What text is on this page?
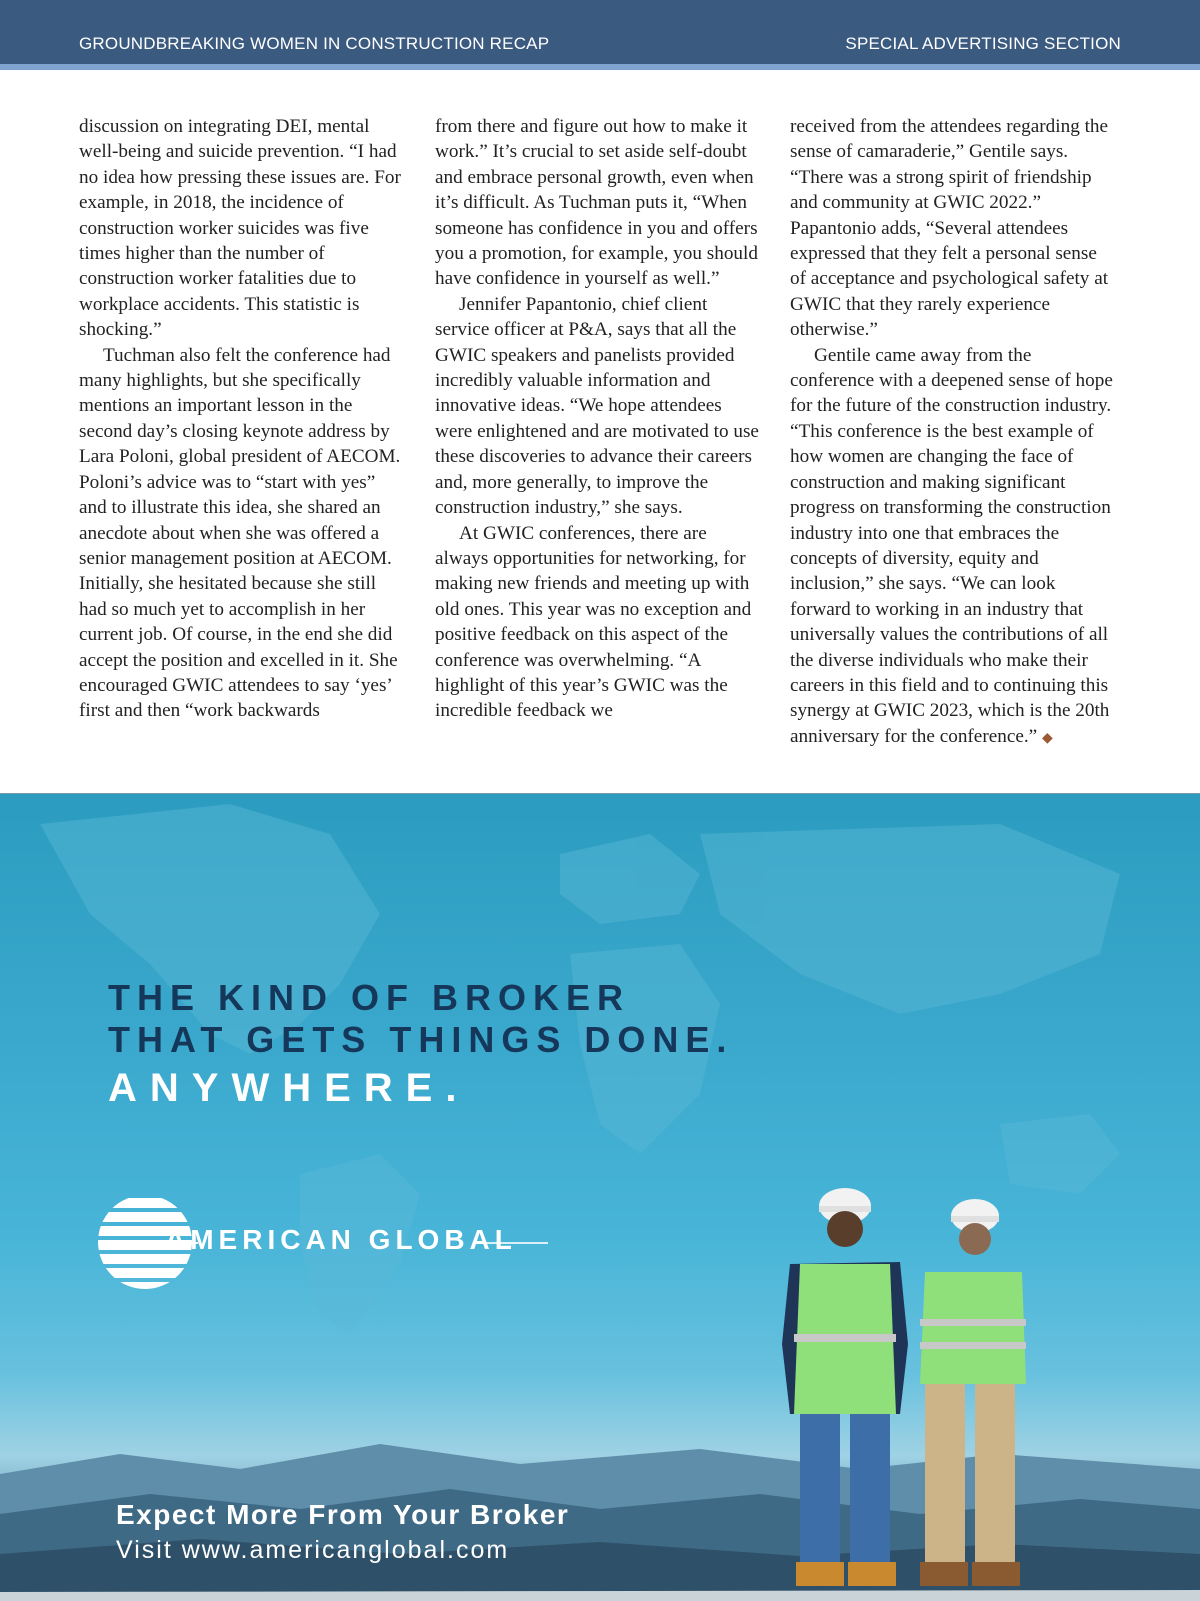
GROUNDBREAKING WOMEN IN CONSTRUCTION RECAP	SPECIAL ADVERTISING SECTION

discussion on integrating DEI, mental well-being and suicide prevention. “I had no idea how pressing these issues are. For example, in 2018, the incidence of construction worker suicides was five times higher than the number of construction worker fatalities due to workplace accidents. This statistic is shocking.”

Tuchman also felt the conference had many highlights, but she specifically mentions an important lesson in the second day’s closing keynote address by Lara Poloni, global president of AECOM. Poloni’s advice was to “start with yes” and to illustrate this idea, she shared an anecdote about when she was offered a senior management position at AECOM. Initially, she hesitated because she still had so much yet to accomplish in her current job. Of course, in the end she did accept the position and excelled in it. She encouraged GWIC attendees to say ‘yes’ first and then “work backwards

from there and figure out how to make it work.” It’s crucial to set aside self-doubt and embrace personal growth, even when it’s difficult. As Tuchman puts it, “When someone has confidence in you and offers you a promotion, for example, you should have confidence in yourself as well.”

Jennifer Papantonio, chief client service officer at P&A, says that all the GWIC speakers and panelists provided incredibly valuable information and innovative ideas. “We hope attendees were enlightened and are motivated to use these discoveries to advance their careers and, more generally, to improve the construction industry,” she says.

At GWIC conferences, there are always opportunities for networking, for making new friends and meeting up with old ones. This year was no exception and positive feedback on this aspect of the conference was overwhelming. “A highlight of this year’s GWIC was the incredible feedback we

received from the attendees regarding the sense of camaraderie,” Gentile says. “There was a strong spirit of friendship and community at GWIC 2022.” Papantonio adds, “Several attendees expressed that they felt a personal sense of acceptance and psychological safety at GWIC that they rarely experience otherwise.”

Gentile came away from the conference with a deepened sense of hope for the future of the construction industry. “This conference is the best example of how women are changing the face of construction and making significant progress on transforming the construction industry into one that embraces the concepts of diversity, equity and inclusion,” she says. “We can look forward to working in an industry that universally values the contributions of all the diverse individuals who make their careers in this field and to continuing this synergy at GWIC 2023, which is the 20th anniversary for the conference.” ◆

THE KIND OF BROKER
THAT GETS THINGS DONE.
ANYWHERE.
AMERICAN GLOBAL
Expect More From Your Broker
Visit www.americanglobal.com
